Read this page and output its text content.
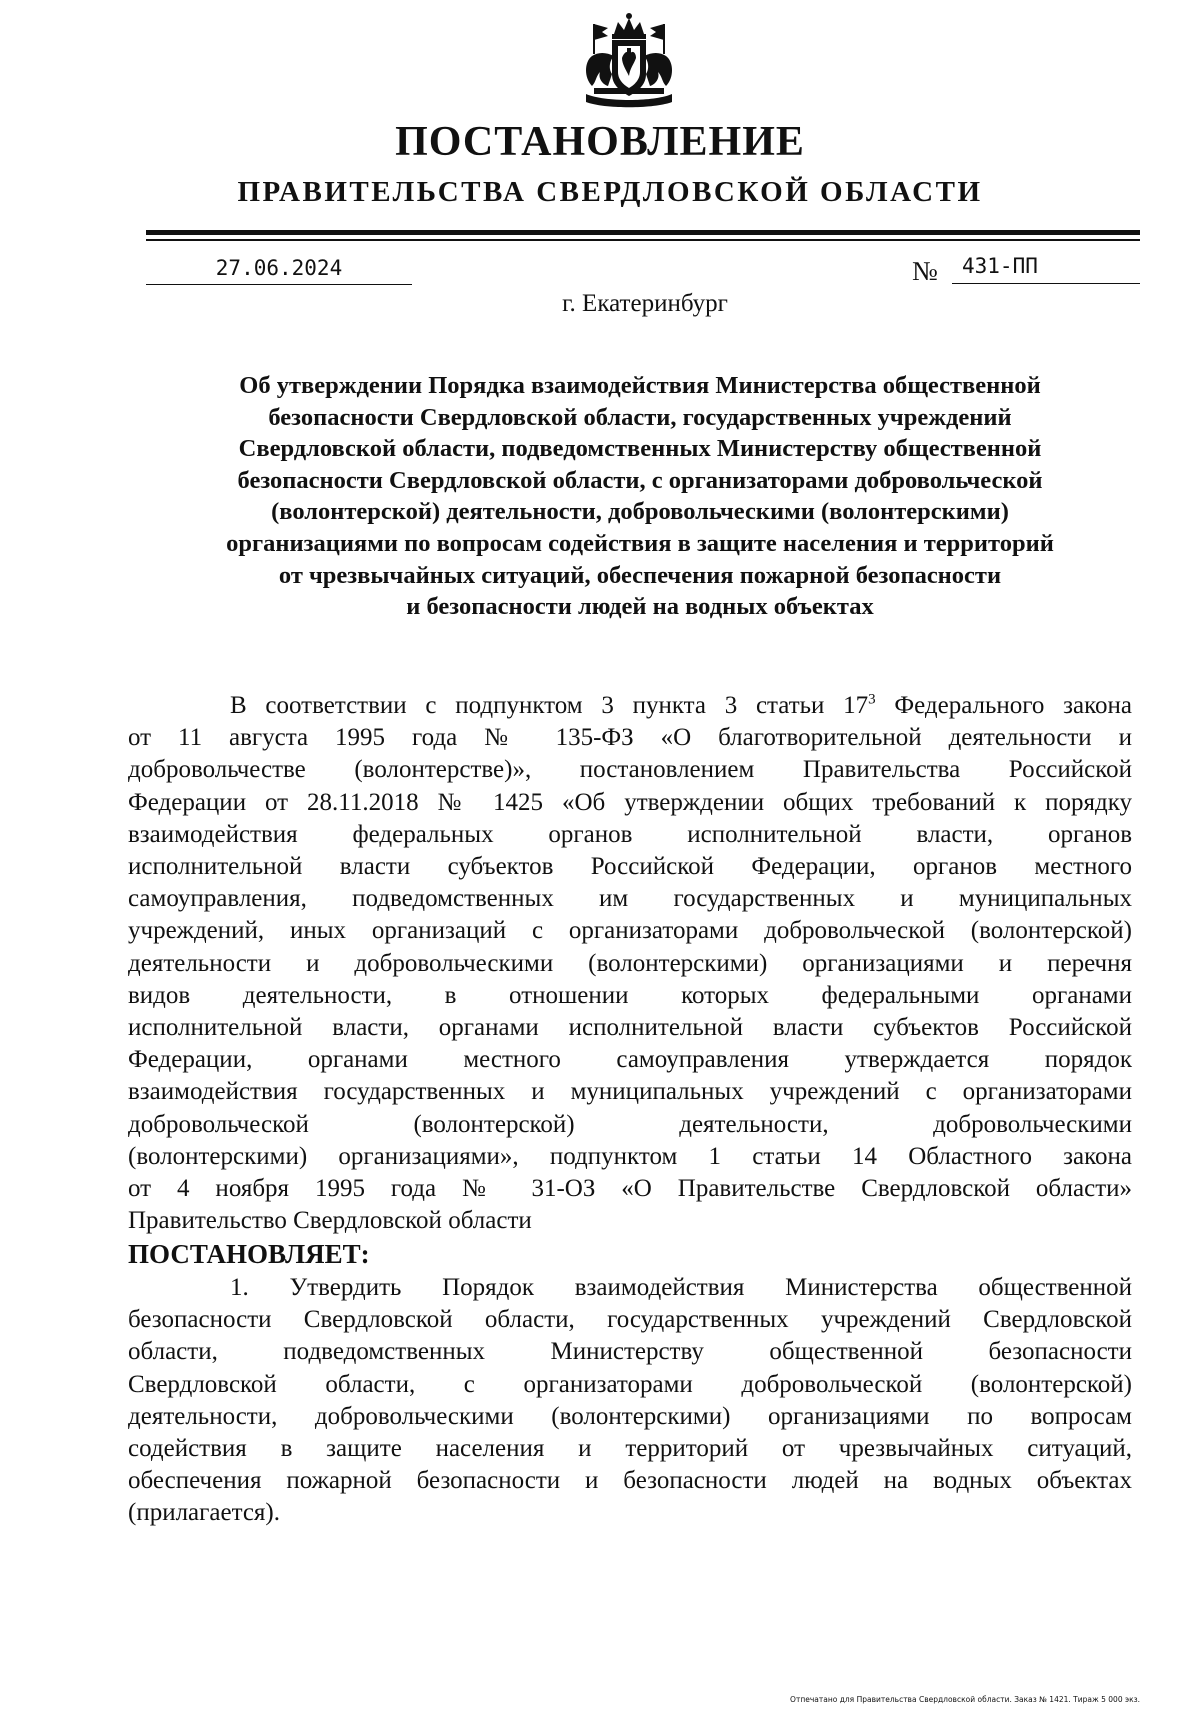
ПОСТАНОВЛЕНИЕ
ПРАВИТЕЛЬСТВА СВЕРДЛОВСКОЙ ОБЛАСТИ
27.06.2024	№	431-ПП
г. Екатеринбург
Об утверждении Порядка взаимодействия Министерства общественной
безопасности Свердловской области, государственных учреждений
Свердловской области, подведомственных Министерству общественной
безопасности Свердловской области, с организаторами добровольческой
(волонтерской) деятельности, добровольческими (волонтерскими)
организациями по вопросам содействия в защите населения и территорий
от чрезвычайных ситуаций, обеспечения пожарной безопасности
и безопасности людей на водных объектах
В соответствии с подпунктом 3 пункта 3 статьи $17^3$ Федерального закона
от 11 августа 1995 года № 135-ФЗ «О благотворительной деятельности и
добровольчестве (волонтерстве)», постановлением Правительства Российской
Федерации от 28.11.2018 № 1425 «Об утверждении общих требований к порядку
взаимодействия федеральных органов исполнительной власти, органов
исполнительной власти субъектов Российской Федерации, органов местного
самоуправления, подведомственных им государственных и муниципальных
учреждений, иных организаций с организаторами добровольческой (волонтерской)
деятельности и добровольческими (волонтерскими) организациями и перечня
видов деятельности, в отношении которых федеральными органами
исполнительной власти, органами исполнительной власти субъектов Российской
Федерации, органами местного самоуправления утверждается порядок
взаимодействия государственных и муниципальных учреждений с организаторами
добровольческой (волонтерской) деятельности, добровольческими
(волонтерскими) организациями», подпунктом 1 статьи 14 Областного закона
от 4 ноября 1995 года № 31-ОЗ «О Правительстве Свердловской области»
Правительство Свердловской области
ПОСТАНОВЛЯЕТ:
1. Утвердить Порядок взаимодействия Министерства общественной
безопасности Свердловской области, государственных учреждений Свердловской
области, подведомственных Министерству общественной безопасности
Свердловской области, с организаторами добровольческой (волонтерской)
деятельности, добровольческими (волонтерскими) организациями по вопросам
содействия в защите населения и территорий от чрезвычайных ситуаций,
обеспечения пожарной безопасности и безопасности людей на водных объектах
(прилагается).
Отпечатано для Правительства Свердловской области. Заказ № 1421. Тираж 5 000 экз.
